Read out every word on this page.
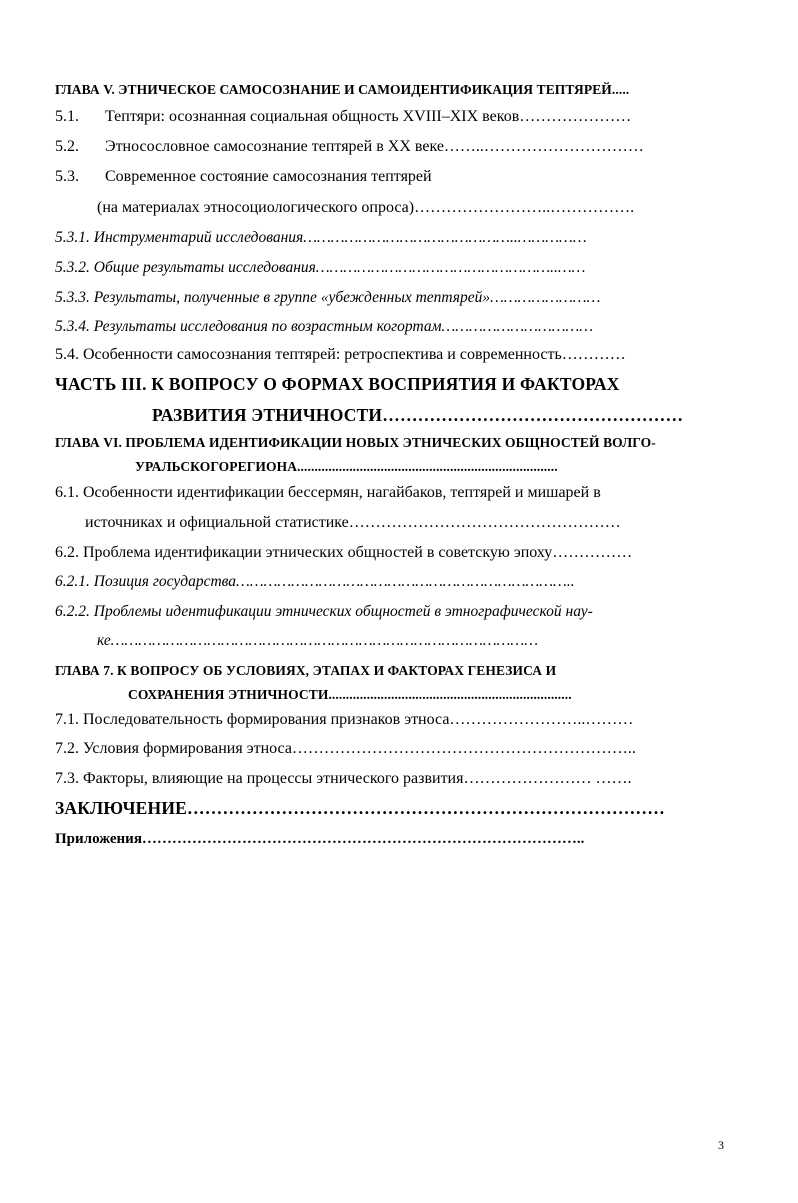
ГЛАВА V. ЭТНИЧЕСКОЕ САМОСОЗНАНИЕ И САМОИДЕНТИФИКАЦИЯ ТЕПТЯРЕЙ.....
5.1. Тептяри: осознанная социальная общность XVIII–XIX веков…………………
5.2. Этносословное самосознание тептярей в XX веке……..…………………………
5.3. Современное состояние самосознания тептярей
(на материалах этносоциологического опроса)……………………..…………….
5.3.1. Инструментарий исследования………………………………………..……………
5.3.2. Общие результаты исследования……………………………………………..……
5.3.3. Результаты, полученные в группе «убежденных тептярей»……………………
5.3.4. Результаты исследования по возрастным когортам……………………………
5.4. Особенности самосознания тептярей: ретроспектива и современность…………
ЧАСТЬ III. К ВОПРОСУ О ФОРМАХ ВОСПРИЯТИЯ И ФАКТОРАХ
РАЗВИТИЯ ЭТНИЧНОСТИ……………………………………………
ГЛАВА VI. ПРОБЛЕМА ИДЕНТИФИКАЦИИ НОВЫХ ЭТНИЧЕСКИХ ОБЩНОСТЕЙ ВОЛГО-
УРАЛЬСКОГОРЕГИОНА...........................................................................
6.1. Особенности идентификации бессермян, нагайбаков, тептярей и мишарей в
источниках и официальной статистике……………………………………………
6.2. Проблема идентификации этнических общностей в советскую эпоху……………
6.2.1. Позиция государства………………………………………………………………..
6.2.2. Проблемы идентификации этнических общностей в этнографической нау-
ке…………………………………………………………………………………
ГЛАВА 7. К ВОПРОСУ ОБ УСЛОВИЯХ, ЭТАПАХ И ФАКТОРАХ ГЕНЕЗИСА И
СОХРАНЕНИЯ ЭТНИЧНОСТИ......................................................................
7.1. Последовательность формирования признаков этноса……………………..………
7.2. Условия формирования этноса………………………………………………………..
7.3. Факторы, влияющие на процессы этнического развития…………………… …….
ЗАКЛЮЧЕНИЕ………………………………………………………………………
Приложения……………………………………………………………………………..
3
